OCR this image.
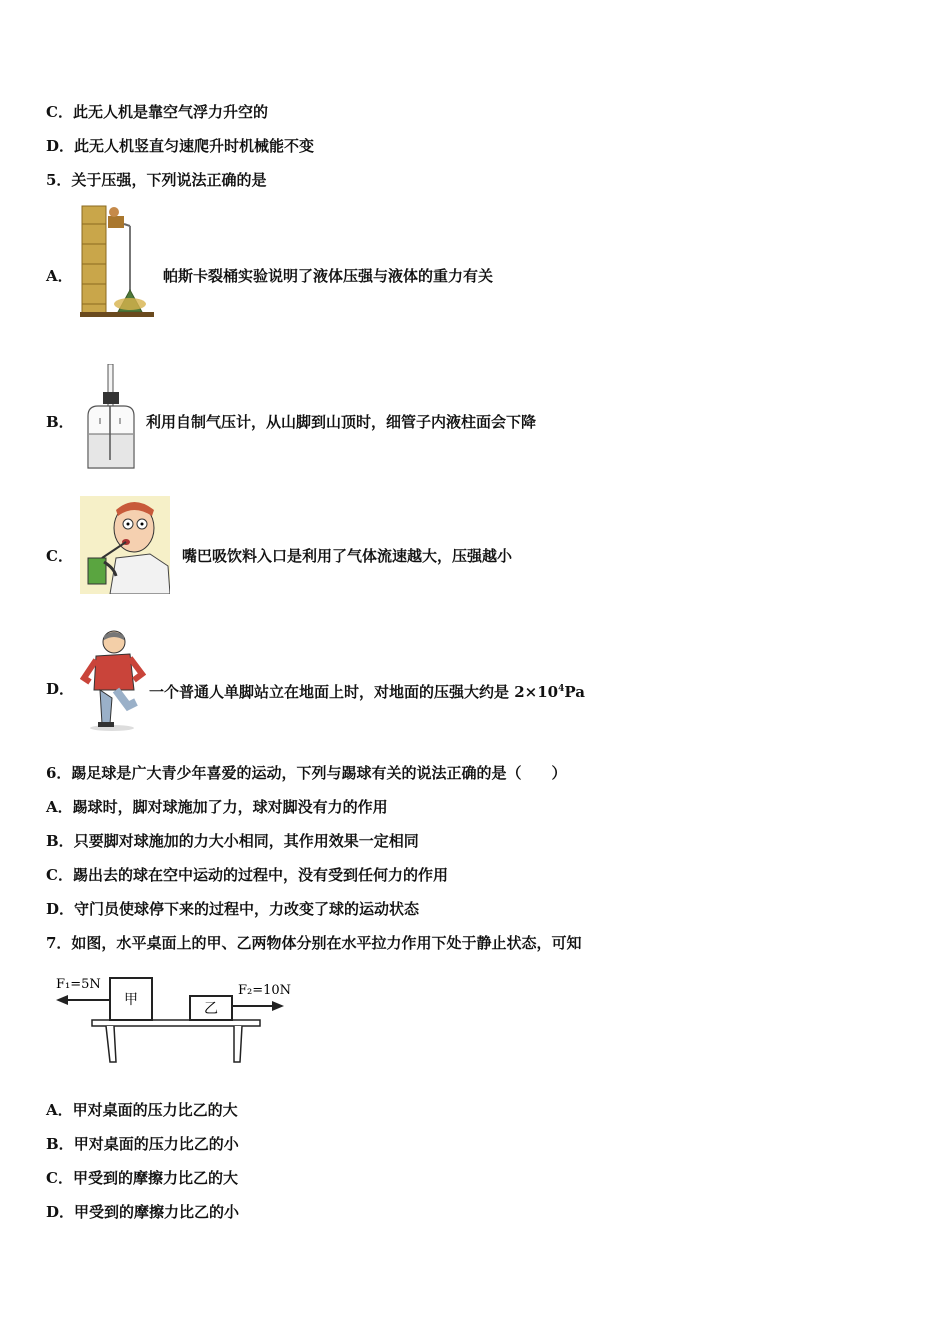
C．此无人机是靠空气浮力升空的
D．此无人机竖直匀速爬升时机械能不变
5．关于压强，下列说法正确的是
A．	帕斯卡裂桶实验说明了液体压强与液体的重力有关
B．	利用自制气压计，从山脚到山顶时，细管子内液柱面会下降
C．	嘴巴吸饮料入口是利用了气体流速越大，压强越小
D．	一个普通人单脚站立在地面上时，对地面的压强大约是 $2\times 10^4Pa$
6．踢足球是广大青少年喜爱的运动，下列与踢球有关的说法正确的是（　　）
A．踢球时，脚对球施加了力，球对脚没有力的作用
B．只要脚对球施加的力大小相同，其作用效果一定相同
C．踢出去的球在空中运动的过程中，没有受到任何力的作用
D．守门员使球停下来的过程中，力改变了球的运动状态
7．如图，水平桌面上的甲、乙两物体分别在水平拉力作用下处于静止状态，可知
甲
乙
F₁=5N	F₂=10N
A．甲对桌面的压力比乙的大
B．甲对桌面的压力比乙的小
C．甲受到的摩擦力比乙的大
D．甲受到的摩擦力比乙的小
